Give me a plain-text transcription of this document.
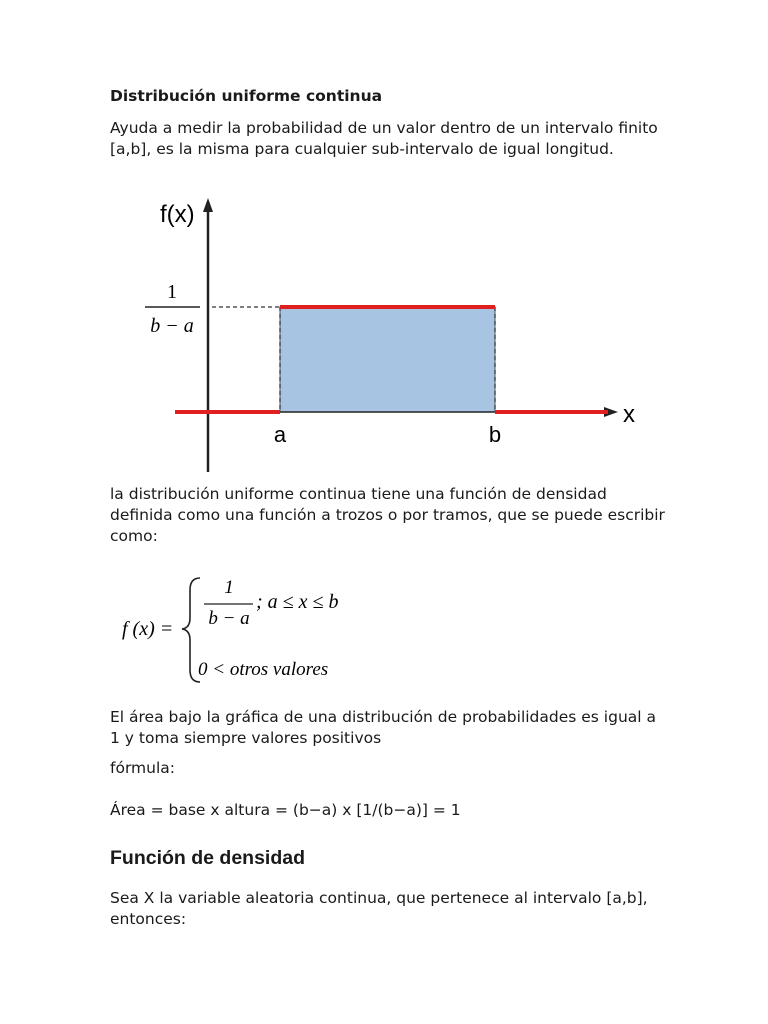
Distribución uniforme continua
Ayuda a medir la probabilidad de un valor dentro de un intervalo finito [a,b], es la misma para cualquier sub-intervalo de igual longitud.
f(x)
x
1
b − a
a	b
la distribución uniforme continua tiene una función de densidad definida como una función a trozos o por tramos, que se puede escribir como:
f (x) =
1
b − a
; a ≤ x ≤ b
0 < otros valores
El área bajo la gráfica de una distribución de probabilidades es igual a 1 y toma siempre valores positivos
fórmula:
Área = base x altura = (b−a) x [1/(b−a)] = 1
Función de densidad
Sea X la variable aleatoria continua, que pertenece al intervalo [a,b], entonces:
